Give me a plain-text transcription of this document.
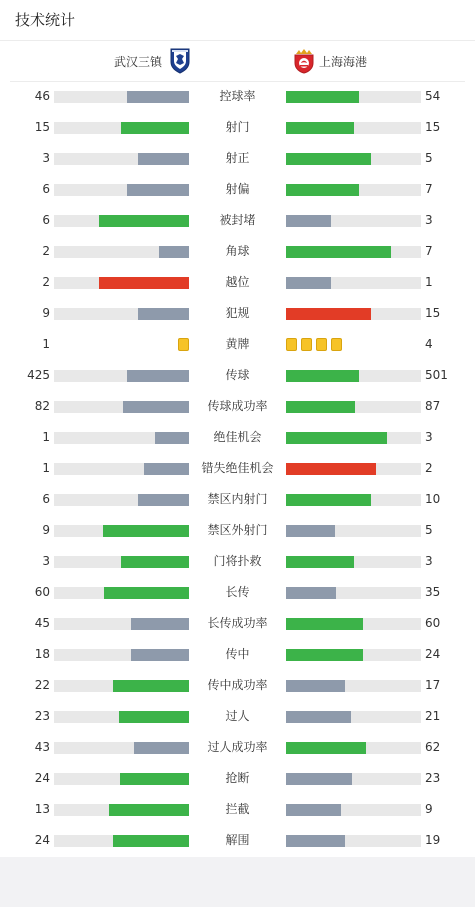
技术统计
武汉三镇	上海海港
46	控球率	54
15	射门	15
3	射正	5
6	射偏	7
6	被封堵	3
2	角球	7
2	越位	1
9	犯规	15
1	黄牌	4
425	传球	501
82	传球成功率	87
1	绝佳机会	3
1	错失绝佳机会	2
6	禁区内射门	10
9	禁区外射门	5
3	门将扑救	3
60	长传	35
45	长传成功率	60
18	传中	24
22	传中成功率	17
23	过人	21
43	过人成功率	62
24	抢断	23
13	拦截	9
24	解围	19
